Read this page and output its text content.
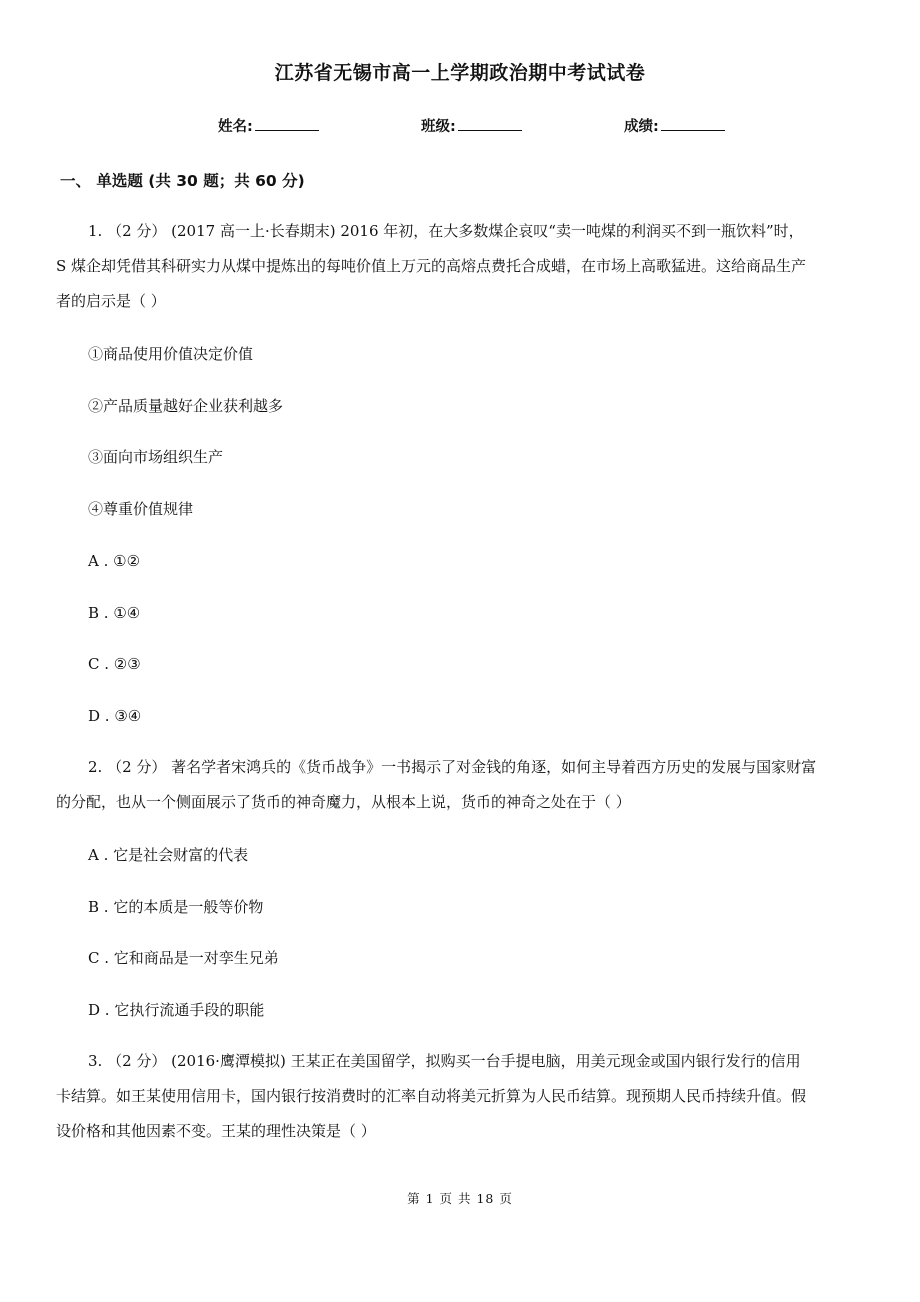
江苏省无锡市高一上学期政治期中考试试卷
姓名:	班级:	成绩:
一、 单选题 (共 30 题；共 60 分)
1. （2 分） (2017 高一上·长春期末) 2016 年初，在大多数煤企哀叹“卖一吨煤的利润买不到一瓶饮料”时，
S 煤企却凭借其科研实力从煤中提炼出的每吨价值上万元的高熔点费托合成蜡，在市场上高歌猛进。这给商品生产
者的启示是（ ）
①商品使用价值决定价值
②产品质量越好企业获利越多
③面向市场组织生产
④尊重价值规律
A . ①②
B . ①④
C . ②③
D . ③④
2. （2 分） 著名学者宋鸿兵的《货币战争》一书揭示了对金钱的角逐，如何主导着西方历史的发展与国家财富
的分配，也从一个侧面展示了货币的神奇魔力，从根本上说，货币的神奇之处在于（ ）
A . 它是社会财富的代表
B . 它的本质是一般等价物
C . 它和商品是一对孪生兄弟
D . 它执行流通手段的职能
3. （2 分） (2016·鹰潭模拟) 王某正在美国留学，拟购买一台手提电脑，用美元现金或国内银行发行的信用
卡结算。如王某使用信用卡，国内银行按消费时的汇率自动将美元折算为人民币结算。现预期人民币持续升值。假
设价格和其他因素不变。王某的理性决策是（ ）
第 1 页 共 18 页
